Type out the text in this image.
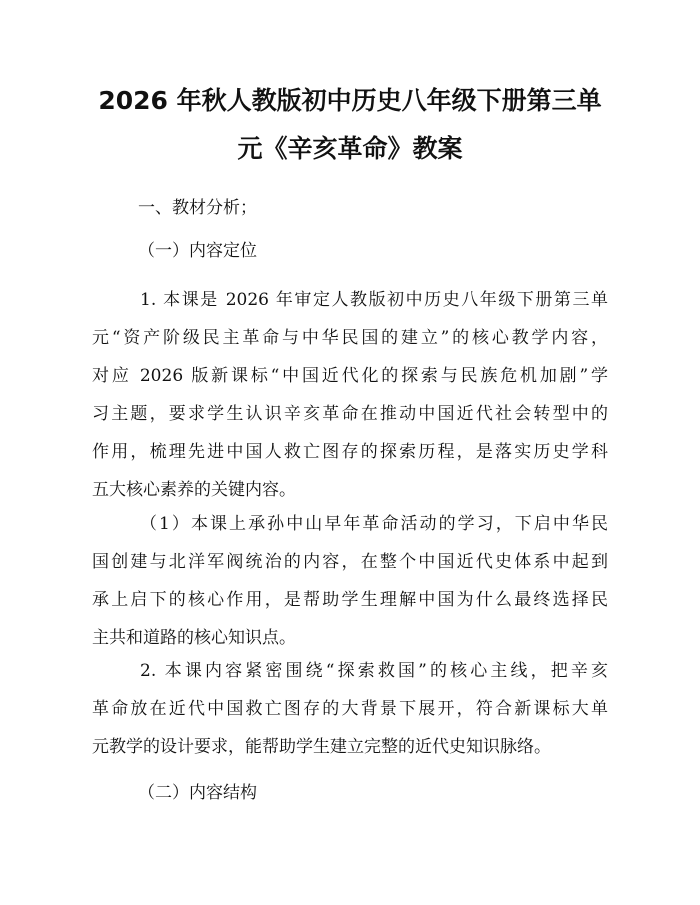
2026 年秋人教版初中历史八年级下册第三单
元《辛亥革命》教案

一、教材分析；

（一）内容定位

1. 本课是 2026 年审定人教版初中历史八年级下册第三单
元“资产阶级民主革命与中华民国的建立”的核心教学内容，
对应 2026 版新课标“中国近代化的探索与民族危机加剧”学
习主题，要求学生认识辛亥革命在推动中国近代社会转型中的
作用，梳理先进中国人救亡图存的探索历程，是落实历史学科
五大核心素养的关键内容。
（1）本课上承孙中山早年革命活动的学习，下启中华民
国创建与北洋军阀统治的内容，在整个中国近代史体系中起到
承上启下的核心作用，是帮助学生理解中国为什么最终选择民
主共和道路的核心知识点。
2. 本课内容紧密围绕“探索救国”的核心主线，把辛亥
革命放在近代中国救亡图存的大背景下展开，符合新课标大单
元教学的设计要求，能帮助学生建立完整的近代史知识脉络。

（二）内容结构
